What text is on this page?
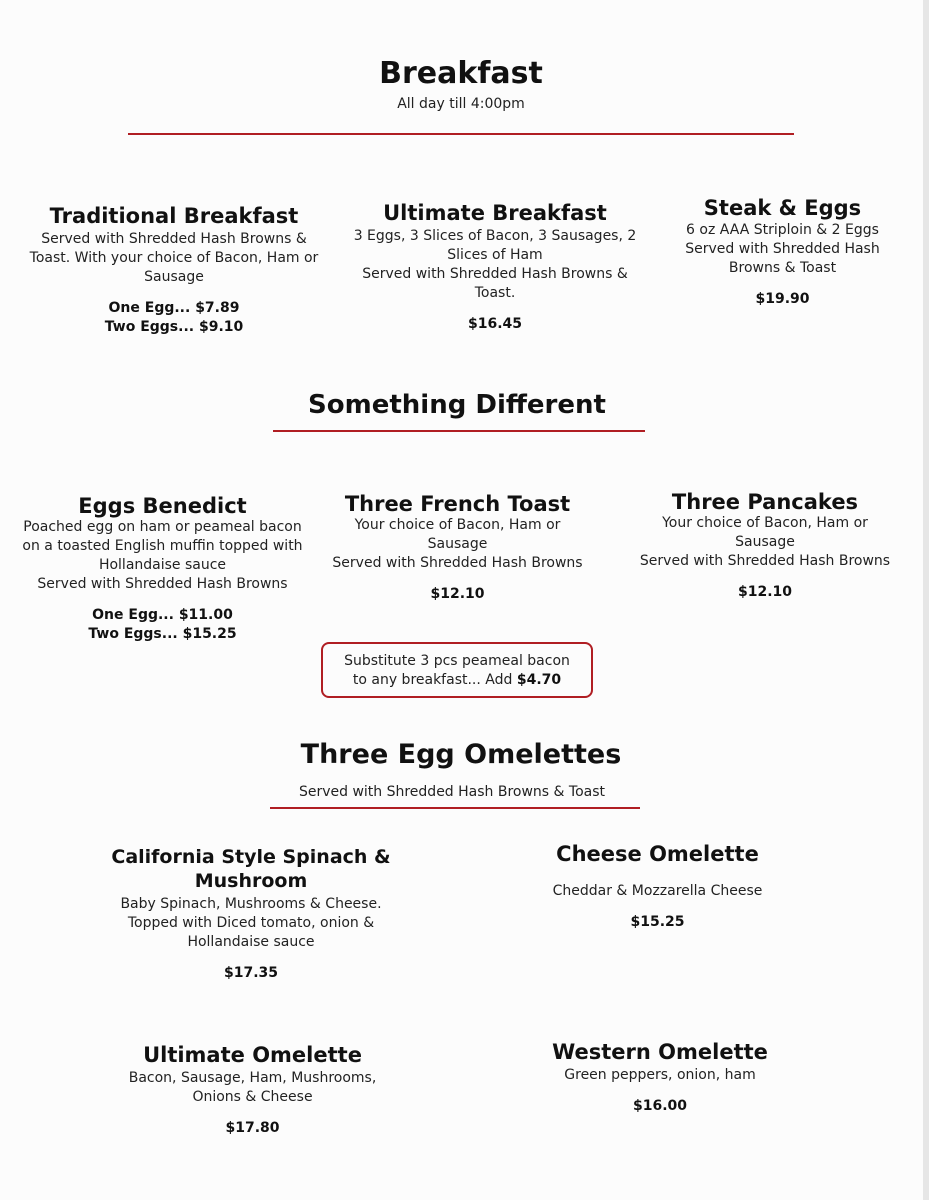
Breakfast
All day till 4:00pm
Traditional Breakfast
Served with Shredded Hash Browns &
Toast. With your choice of Bacon, Ham or
Sausage
One Egg... $7.89
Two Eggs... $9.10
Ultimate Breakfast
3 Eggs, 3 Slices of Bacon, 3 Sausages, 2
Slices of Ham
Served with Shredded Hash Browns &
Toast.
$16.45
Steak & Eggs
6 oz AAA Striploin & 2 Eggs
Served with Shredded Hash
Browns & Toast
$19.90
Something Different
Eggs Benedict
Poached egg on ham or peameal bacon
on a toasted English muffin topped with
Hollandaise sauce
Served with Shredded Hash Browns
One Egg... $11.00
Two Eggs... $15.25
Three French Toast
Your choice of Bacon, Ham or
Sausage
Served with Shredded Hash Browns
$12.10
Three Pancakes
Your choice of Bacon, Ham or
Sausage
Served with Shredded Hash Browns
$12.10
Substitute 3 pcs peameal bacon
to any breakfast... Add $4.70
Three Egg Omelettes
Served with Shredded Hash Browns & Toast
California Style Spinach &
Mushroom
Baby Spinach, Mushrooms & Cheese.
Topped with Diced tomato, onion &
Hollandaise sauce
$17.35
Cheese Omelette
Cheddar & Mozzarella Cheese
$15.25
Ultimate Omelette
Bacon, Sausage, Ham, Mushrooms,
Onions & Cheese
$17.80
Western Omelette
Green peppers, onion, ham
$16.00
